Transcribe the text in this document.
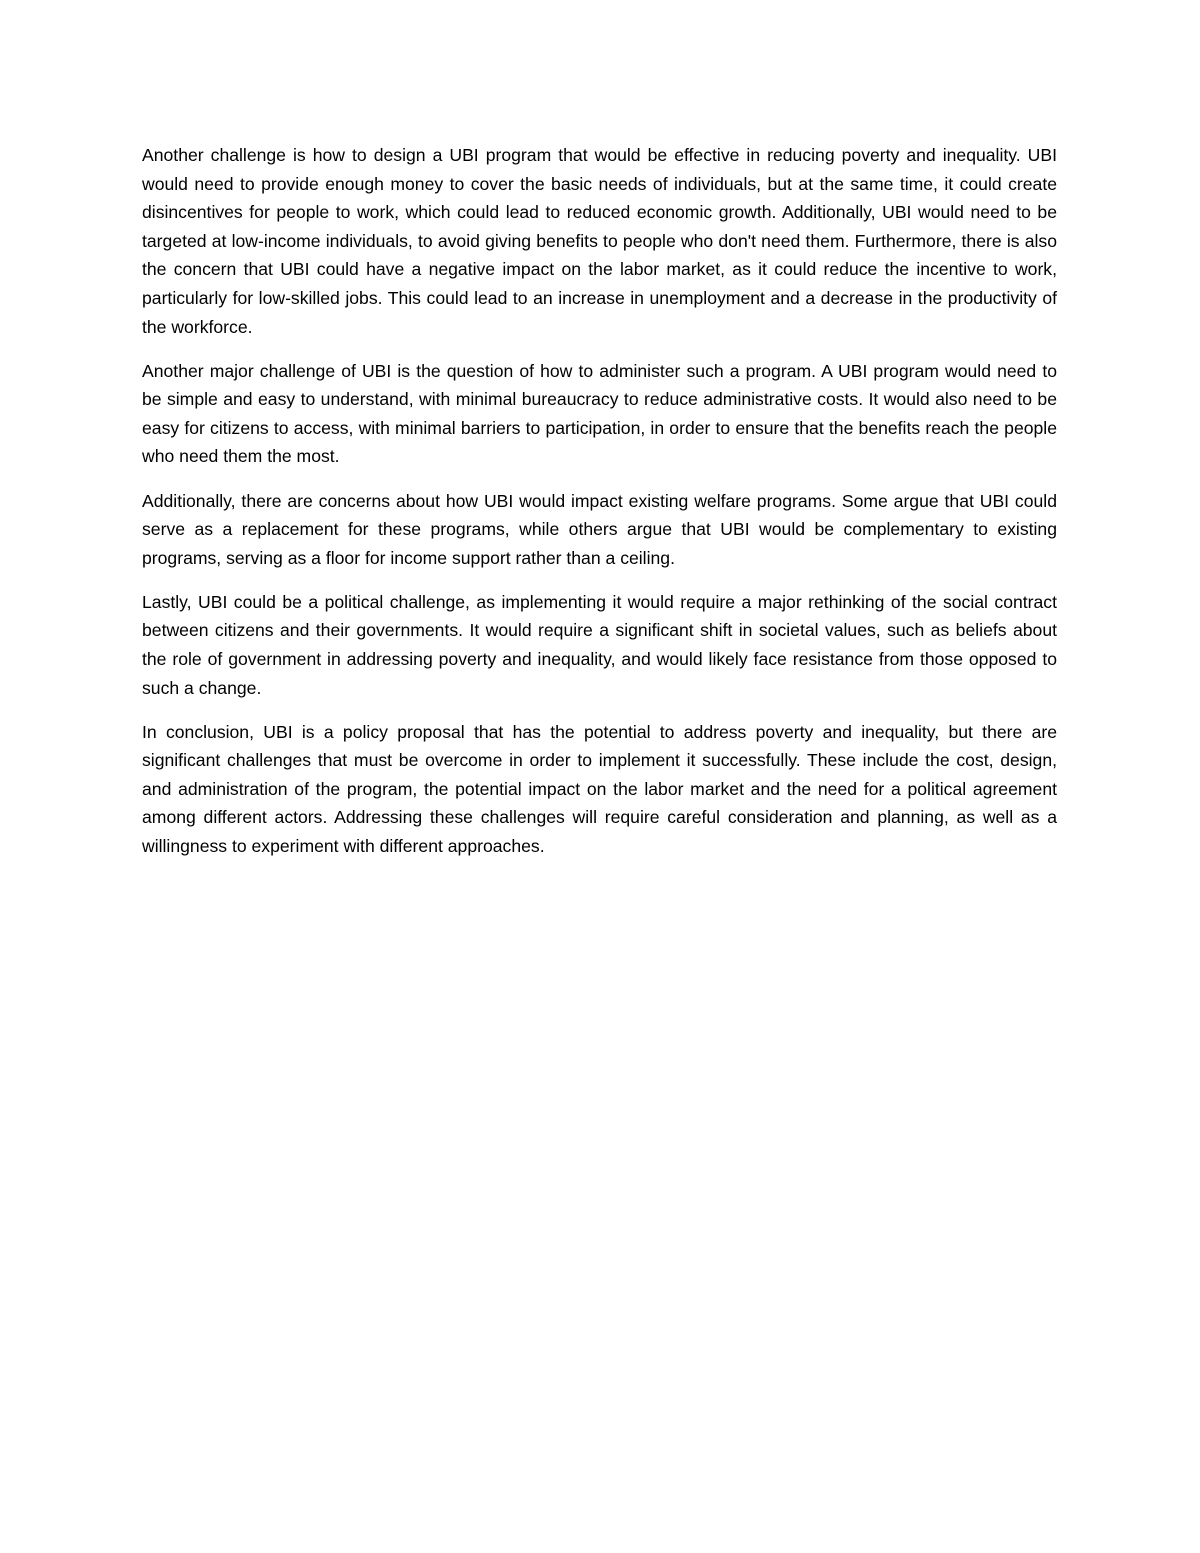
Another challenge is how to design a UBI program that would be effective in reducing poverty and inequality. UBI would need to provide enough money to cover the basic needs of individuals, but at the same time, it could create disincentives for people to work, which could lead to reduced economic growth. Additionally, UBI would need to be targeted at low-income individuals, to avoid giving benefits to people who don't need them. Furthermore, there is also the concern that UBI could have a negative impact on the labor market, as it could reduce the incentive to work, particularly for low-skilled jobs. This could lead to an increase in unemployment and a decrease in the productivity of the workforce.

Another major challenge of UBI is the question of how to administer such a program. A UBI program would need to be simple and easy to understand, with minimal bureaucracy to reduce administrative costs. It would also need to be easy for citizens to access, with minimal barriers to participation, in order to ensure that the benefits reach the people who need them the most.

Additionally, there are concerns about how UBI would impact existing welfare programs. Some argue that UBI could serve as a replacement for these programs, while others argue that UBI would be complementary to existing programs, serving as a floor for income support rather than a ceiling.

Lastly, UBI could be a political challenge, as implementing it would require a major rethinking of the social contract between citizens and their governments. It would require a significant shift in societal values, such as beliefs about the role of government in addressing poverty and inequality, and would likely face resistance from those opposed to such a change.

In conclusion, UBI is a policy proposal that has the potential to address poverty and inequality, but there are significant challenges that must be overcome in order to implement it successfully. These include the cost, design, and administration of the program, the potential impact on the labor market and the need for a political agreement among different actors. Addressing these challenges will require careful consideration and planning, as well as a willingness to experiment with different approaches.
